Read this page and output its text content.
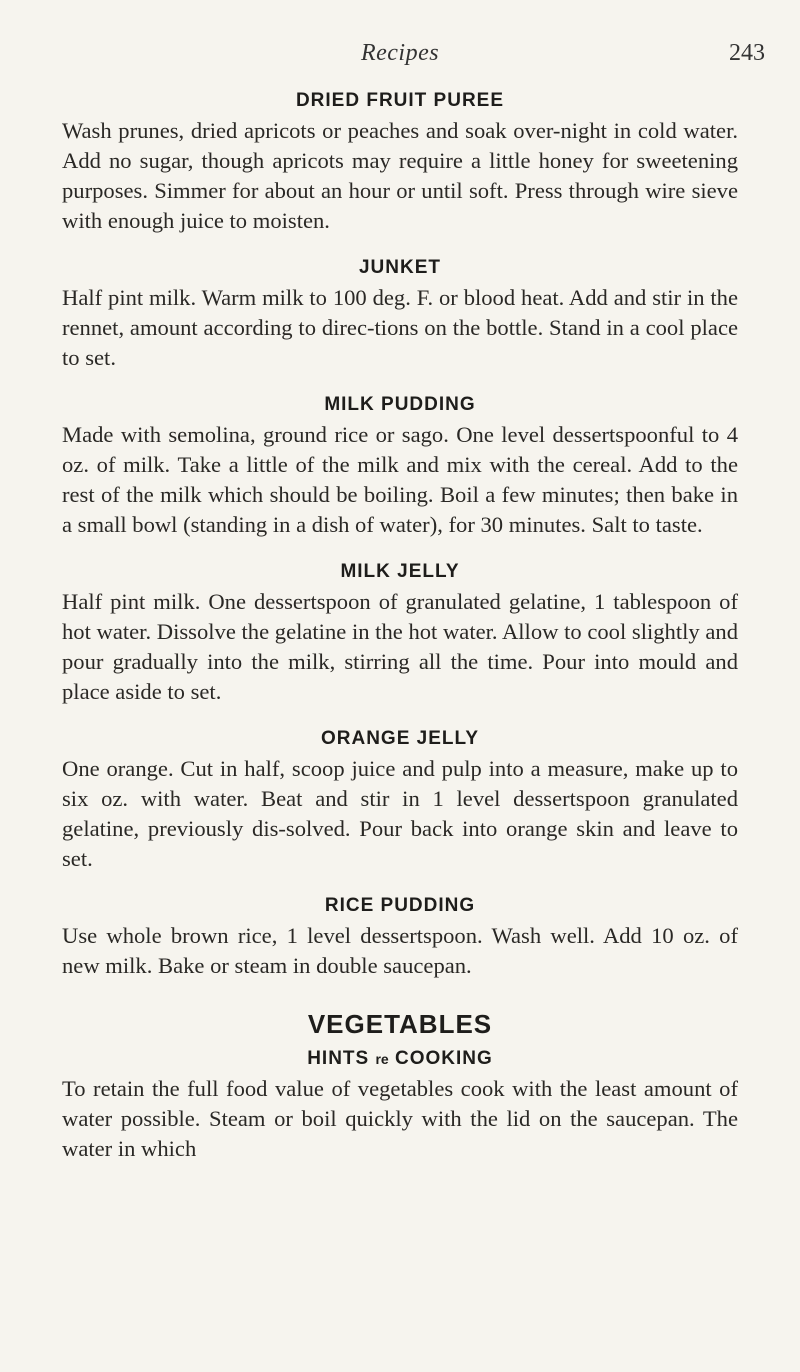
Recipes	243
DRIED FRUIT PUREE

Wash prunes, dried apricots or peaches and soak over-night in cold water. Add no sugar, though apricots may require a little honey for sweetening purposes. Simmer for about an hour or until soft. Press through wire sieve with enough juice to moisten.

JUNKET

Half pint milk. Warm milk to 100 deg. F. or blood heat. Add and stir in the rennet, amount according to direc-tions on the bottle. Stand in a cool place to set.

MILK PUDDING

Made with semolina, ground rice or sago. One level dessertspoonful to 4 oz. of milk. Take a little of the milk and mix with the cereal. Add to the rest of the milk which should be boiling. Boil a few minutes; then bake in a small bowl (standing in a dish of water), for 30 minutes. Salt to taste.

MILK JELLY

Half pint milk. One dessertspoon of granulated gelatine, 1 tablespoon of hot water. Dissolve the gelatine in the hot water. Allow to cool slightly and pour gradually into the milk, stirring all the time. Pour into mould and place aside to set.

ORANGE JELLY

One orange. Cut in half, scoop juice and pulp into a measure, make up to six oz. with water. Beat and stir in 1 level dessertspoon granulated gelatine, previously dis-solved. Pour back into orange skin and leave to set.

RICE PUDDING

Use whole brown rice, 1 level dessertspoon. Wash well. Add 10 oz. of new milk. Bake or steam in double saucepan.

VEGETABLES
HINTS re COOKING

To retain the full food value of vegetables cook with the least amount of water possible. Steam or boil quickly with the lid on the saucepan. The water in which
